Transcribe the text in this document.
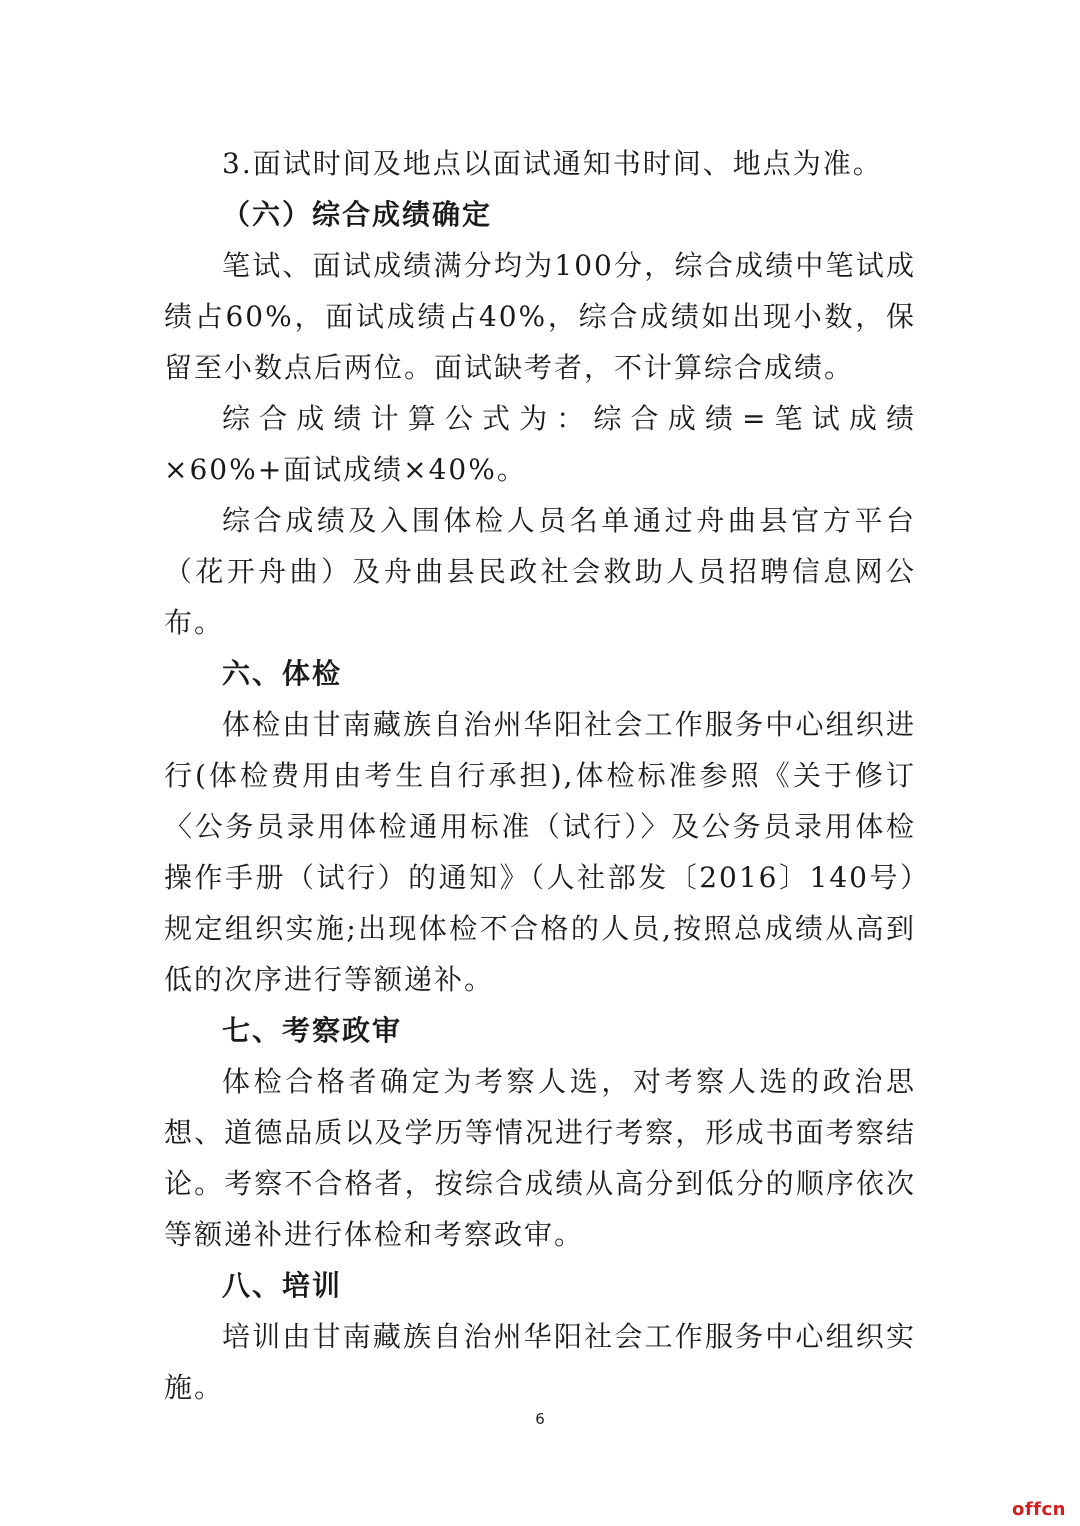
3.面试时间及地点以面试通知书时间、地点为准。

（六）综合成绩确定

笔试、面试成绩满分均为100分，综合成绩中笔试成绩占60%，面试成绩占40%，综合成绩如出现小数，保留至小数点后两位。面试缺考者，不计算综合成绩。

综合成绩计算公式为：综合成绩=笔试成绩×60%+面试成绩×40%。

综合成绩及入围体检人员名单通过舟曲县官方平台（花开舟曲）及舟曲县民政社会救助人员招聘信息网公布。

六、体检

体检由甘南藏族自治州华阳社会工作服务中心组织进行(体检费用由考生自行承担),体检标准参照《关于修订〈公务员录用体检通用标准（试行）〉及公务员录用体检操作手册（试行）的通知》（人社部发〔2016〕140号）规定组织实施;出现体检不合格的人员,按照总成绩从高到低的次序进行等额递补。

七、考察政审

体检合格者确定为考察人选，对考察人选的政治思想、道德品质以及学历等情况进行考察，形成书面考察结论。考察不合格者，按综合成绩从高分到低分的顺序依次等额递补进行体检和考察政审。

八、培训

培训由甘南藏族自治州华阳社会工作服务中心组织实施。

6
offcn
